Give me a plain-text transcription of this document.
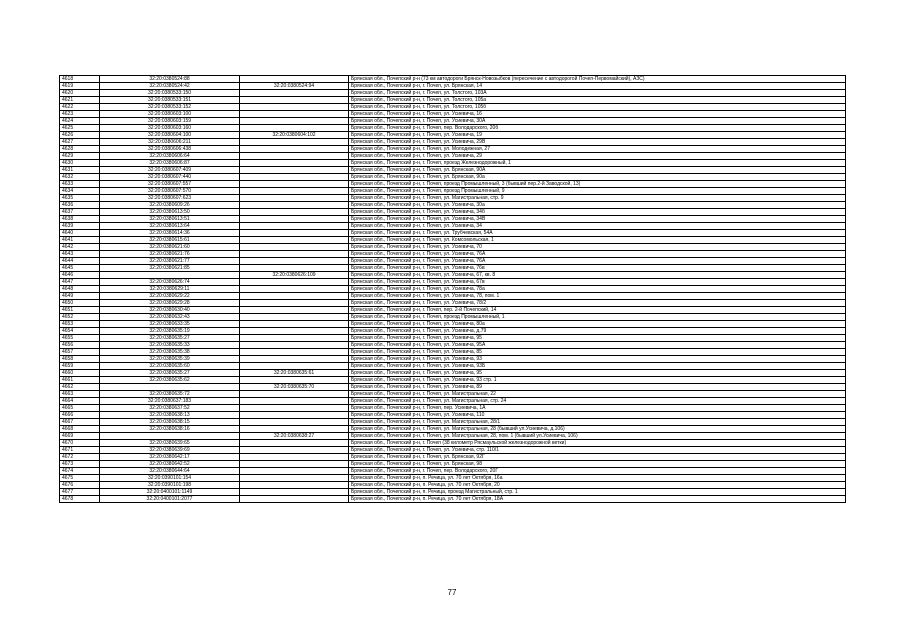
4618	32:20:0380524:88		Брянская обл., Почепский р-н (73 км автодороги Брянск-Новозыбков (пересечение с автодорогой Почеп-Первомайский), АЗС)
4619	32:20:0380524:42	32:20:0380524:94	Брянская обл., Почепский р-н, г. Почеп, ул. Брянская, 14
4620	32:20:0380533:150		Брянская обл., Почепский р-н, г. Почеп, ул. Толстого, 103А
4621	32:20:0380533:151		Брянская обл., Почепский р-н, г. Почеп, ул. Толстого, 105а
4622	32:20:0380533:152		Брянская обл., Почепский р-н, г. Почеп, ул. Толстого, 105б
4623	32:20:0380603:100		Брянская обл., Почепский р-н, г. Почеп, ул. Усиевича, 16
4624	32:20:0380603:159		Брянская обл., Почепский р-н, г. Почеп, ул. Усиевича, 30А
4625	32:20:0380603:160		Брянская обл., Почепский р-н, г. Почеп, пер. Володарского, 20б
4626	32:20:0380604:100	32:20:0380604:102	Брянская обл., Почепский р-н, г. Почеп, ул. Усиевича, 19
4627	32:20:0380606:211		Брянская обл., Почепский р-н, г. Почеп, ул. Усиевича, 29В
4628	32:20:0380606:438		Брянская обл., Почепский р-н, г. Почеп, ул. Молодежная, 27
4629	32:20:0380606:64		Брянская обл., Почепский р-н, г. Почеп, ул. Усиевича, 29
4630	32:20:0380606:87		Брянская обл., Почепский р-н, г. Почеп, проезд Железнодорожный, 1
4631	32:20:0380607:409		Брянская обл., Почепский р-н, г. Почеп, ул. Брянская, 90А
4632	32:20:0380607:440		Брянская обл., Почепский р-н, г. Почеп, ул. Брянская, 90а
4633	32:20:0380607:557		Брянская обл., Почепский р-н, г. Почеп, проезд Промышленный, 3 (бывший пер.2-й Заводской, 13)
4634	32:20:0380607:570		Брянская обл., Почепский р-н, г. Почеп, проезд Промышленный, 9
4635	32:20:0380607:623		Брянская обл., Почепский р-н, г. Почеп, ул. Магистральная, стр. 9
4636	32:20:0380609:26		Брянская обл., Почепский р-н, г. Почеп, ул. Усиевича, 30а
4637	32:20:0380613:50		Брянская обл., Почепский р-н, г. Почеп, ул. Усиевича, 34б
4638	32:20:0380613:51		Брянская обл., Почепский р-н, г. Почеп, ул. Усиевича, 34В
4639	32:20:0380613:64		Брянская обл., Почепский р-н, г. Почеп, ул. Усиевича, 34
4640	32:20:0380614:36		Брянская обл., Почепский р-н, г. Почеп, ул. Трубчевская, 54А
4641	32:20:0380615:61		Брянская обл., Почепский р-н, г. Почеп, ул. Комсомольская, 1
4642	32:20:0380621:60		Брянская обл., Почепский р-н, г. Почеп, ул. Усиевича, 70
4643	32:20:0380621:76		Брянская обл., Почепский р-н, г. Почеп, ул. Усиевича, 76А
4644	32:20:0380621:77		Брянская обл., Почепский р-н, г. Почеп, ул. Усиевича, 76А
4645	32:20:0380621:85		Брянская обл., Почепский р-н, г. Почеп, ул. Усиевича, 76в
4646		32:20:0380626:109	Брянская обл., Почепский р-н, г. Почеп, ул. Усиевича, 67, кв. 8
4647	32:20:0380626:74		Брянская обл., Почепский р-н, г. Почеп, ул. Усиевича, 67в
4648	32:20:0380629:11		Брянская обл., Почепский р-н, г. Почеп, ул. Усиевича, 78а
4649	32:20:0380629:22		Брянская обл., Почепский р-н, г. Почеп, ул. Усиевича, 78, пом. 1
4650	32:20:0380629:28		Брянская обл., Почепский р-н, г. Почеп, ул. Усиевича, 78/2
4651	32:20:0380630:40		Брянская обл., Почепский р-н, г. Почеп, пер. 2-й Почепский, 14
4652	32:20:0380632:43		Брянская обл., Почепский р-н, г. Почеп, проезд Промышленный, 1
4653	32:20:0380633:35		Брянская обл., Почепский р-н, г. Почеп, ул. Усиевича, 80а
4654	32:20:0380635:19		Брянская обл., Почепский р-н, г. Почеп, ул. Усиевича, д.79
4655	32:20:0380635:27		Брянская обл., Почепский р-н, г. Почеп, ул. Усиевича, 95
4656	32:20:0380635:33		Брянская обл., Почепский р-н, г. Почеп, ул. Усиевича, 95А
4657	32:20:0380635:38		Брянская обл., Почепский р-н, г. Почеп, ул. Усиевича, 85
4658	32:20:0380635:39		Брянская обл., Почепский р-н, г. Почеп, ул. Усиевича, 93
4659	32:20:0380635:60		Брянская обл., Почепский р-н, г. Почеп, ул. Усиевича, 93Б
4660	32:20:0380635:27	32:20:0380635:61	Брянская обл., Почепский р-н, г. Почеп, ул. Усиевича, 95
4661	32:20:0380635:62		Брянская обл., Почепский р-н, г. Почеп, ул. Усиевича, 93 стр. 1
4662		32:20:0380635:70	Брянская обл., Почепский р-н, г. Почеп, ул. Усиевича, 89
4663	32:20:0380635:72		Брянская обл., Почепский р-н, г. Почеп, ул. Магистральная, 22
4664	32:20:0380637:183		Брянская обл., Почепский р-н, г. Почеп, ул. Магистральная, стр. 24
4665	32:20:0380637:52		Брянская обл., Почепский р-н, г. Почеп, пер. Усиевича, 1А
4666	32:20:0380638:13		Брянская обл., Почепский р-н, г. Почеп, ул. Усиевича, 110
4667	32:20:0380638:15		Брянская обл., Почепский р-н, г. Почеп, ул. Магистральная, 28/1
4668	32:20:0380638:16		Брянская обл., Почепский р-н, г. Почеп, ул. Магистральная, 28 (бывший ул.Усиевича, д.106)
4669		32:20:0380638:27	Брянская обл., Почепский р-н, г. Почеп, ул. Магистральная, 28, пом. 1 (бывший ул.Усиевича, 106)
4670	32:20:0380639:65		Брянская обл., Почепский р-н, г. Почеп (38 километр Рясмаульской железнодорожной ветки)
4671	32:20:0380639:69		Брянская обл., Почепский р-н, г. Почеп, ул. Усиевича, стр. 110/1
4672	32:20:0380642:17		Брянская обл., Почепский р-н, г. Почеп, ул. Брянская, 92Г
4673	32:20:0380642:52		Брянская обл., Почепский р-н, г. Почеп, ул. Брянская, 98
4674	32:20:0380644:64		Брянская обл., Почепский р-н, г. Почеп, пер. Володарского, 20Г
4675	32:20:0390101:154		Брянская обл., Почепский р-н, п. Речица, ул. 70 лет Октября, 16а
4676	32:20:0390101:198		Брянская обл., Почепский р-н, п. Речица, ул. 70 лет Октября, 20
4677	32:20:0400101:1149		Брянская обл., Почепский р-н, п. Речица, проезд Магистральный, стр. 1
4678	32:20:0400101:2077		Брянская обл., Почепский р-н, п. Речица, ул. 70 лет Октября, 18А
77
